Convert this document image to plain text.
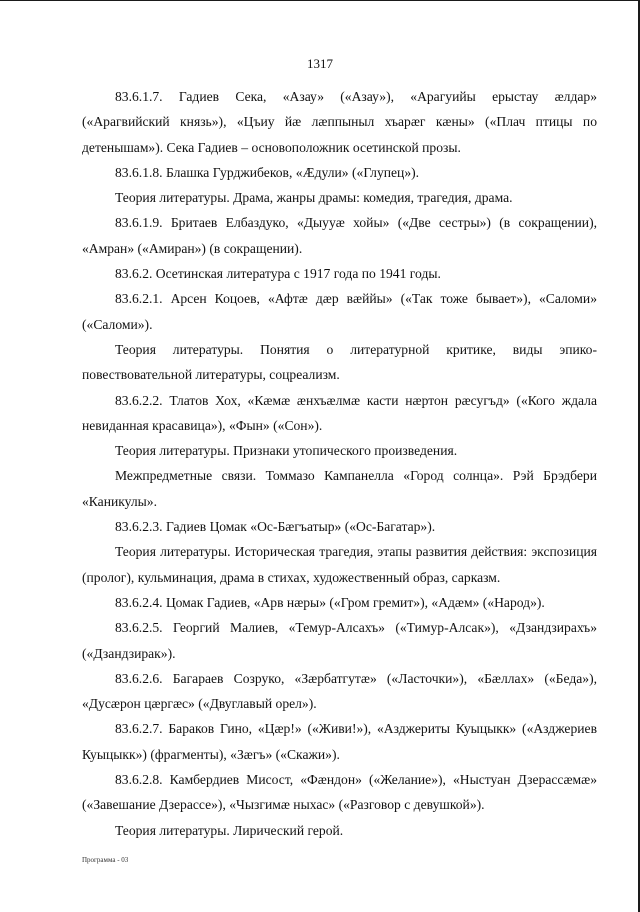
1317

83.6.1.7. Гадиев Сека, «Азау» («Азау»), «Арагуийы ерыстау ӕлдар» («Арагвийский князь»), «Цъиу йӕ лӕппыныл хъарӕг кӕны» («Плач птицы по детенышам»). Сека Гадиев – основоположник осетинской прозы.

83.6.1.8. Блашка Гурджибеков, «Ӕдули» («Глупец»).

Теория литературы. Драма, жанры драмы: комедия, трагедия, драма.

83.6.1.9. Бритаев Елбаздуко, «Дыууӕ хойы» («Две сестры») (в сокращении), «Амран» («Амиран») (в сокращении).

83.6.2. Осетинская литература с 1917 года по 1941 годы.

83.6.2.1. Арсен Коцоев, «Афтӕ дӕр вӕййы» («Так тоже бывает»), «Саломи» («Саломи»).

Теория литературы. Понятия о литературной критике, виды эпико-повествовательной литературы, соцреализм.

83.6.2.2. Тлатов Хох, «Кӕмӕ ӕнхъӕлмӕ касти нӕртон рӕсугъд» («Кого ждала невиданная красавица»), «Фын» («Сон»).

Теория литературы. Признаки утопического произведения.

Межпредметные связи. Томмазо Кампанелла «Город солнца». Рэй Брэдбери «Каникулы».

83.6.2.3. Гадиев Цомак «Ос-Бӕгъатыр» («Ос-Багатар»).

Теория литературы. Историческая трагедия, этапы развития действия: экспозиция (пролог), кульминация, драма в стихах, художественный образ, сарказм.

83.6.2.4. Цомак Гадиев, «Арв нӕры» («Гром гремит»), «Адӕм» («Народ»).

83.6.2.5. Георгий Малиев, «Темур-Алсахъ» («Тимур-Алсак»), «Дзандзирахъ» («Дзандзирак»).

83.6.2.6. Багараев Созруко, «Зӕрбатгутӕ» («Ласточки»), «Бӕллах» («Беда»), «Дусӕрон цӕргӕс» («Двуглавый орел»).

83.6.2.7. Бараков Гино, «Цӕр!» («Живи!»), «Азджериты Куыцыкк» («Азджериев Куыцыкк») (фрагменты), «Зӕгъ» («Скажи»).

83.6.2.8. Камбердиев Мисост, «Фӕндон» («Желание»), «Ныстуан Дзерассӕмӕ» («Завешание Дзерассе»), «Чызгимӕ ныхас» («Разговор с девушкой»).

Теория литературы. Лирический герой.

Программа - 03
